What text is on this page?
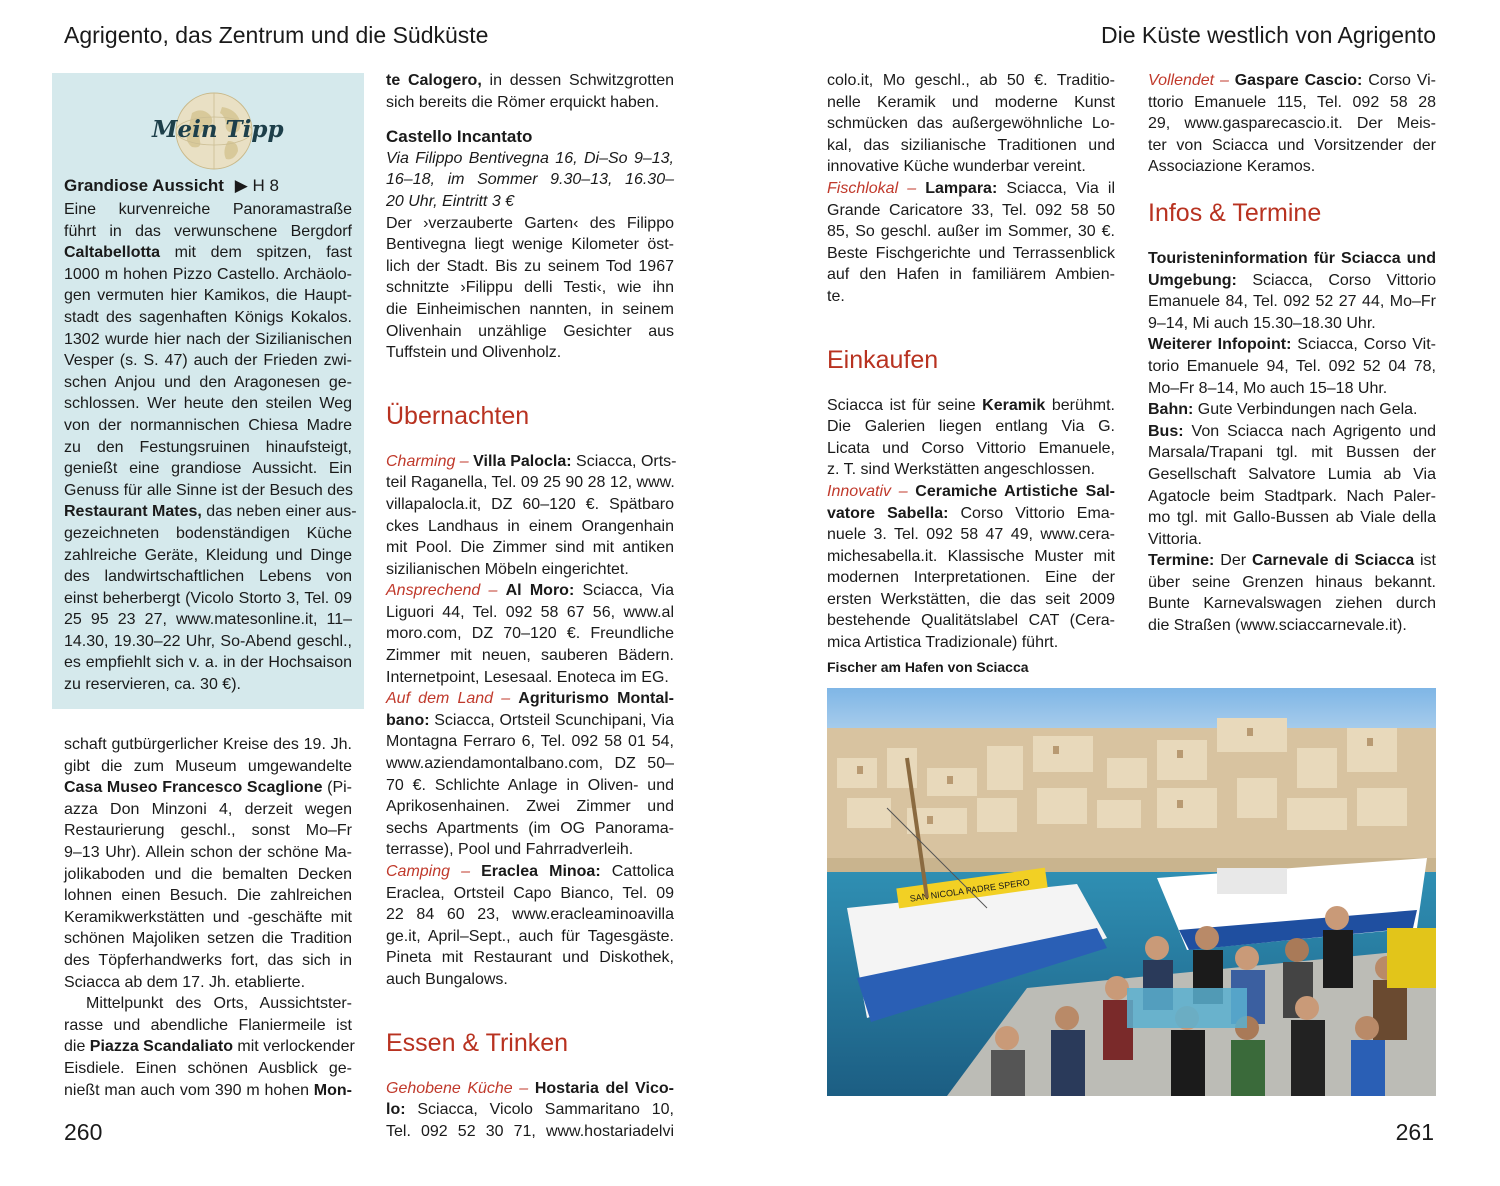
Agrigento, das Zentrum und die Südküste	Die Küste westlich von Agrigento
Mein Tipp
Grandiose Aussicht ▶ H 8
Eine kurvenreiche Panoramastraße
führt in das verwunschene Bergdorf
Caltabellotta mit dem spitzen, fast
1000 m hohen Pizzo Castello. Archäolo-
gen vermuten hier Kamikos, die Haupt-
stadt des sagenhaften Königs Kokalos.
1302 wurde hier nach der Sizilianischen
Vesper (s. S. 47) auch der Frieden zwi-
schen Anjou und den Aragonesen ge-
schlossen. Wer heute den steilen Weg
von der normannischen Chiesa Madre
zu den Festungsruinen hinaufsteigt,
genießt eine grandiose Aussicht. Ein
Genuss für alle Sinne ist der Besuch des
Restaurant Mates, das neben einer aus-
gezeichneten bodenständigen Küche
zahlreiche Geräte, Kleidung und Dinge
des landwirtschaftlichen Lebens von
einst beherbergt (Vicolo Storto 3, Tel. 09
25 95 23 27, www.matesonline.it, 11–
14.30, 19.30–22 Uhr, So-Abend geschl.,
es empfiehlt sich v. a. in der Hochsaison
zu reservieren, ca. 30 €).
schaft gutbürgerlicher Kreise des 19. Jh.
gibt die zum Museum umgewandelte
Casa Museo Francesco Scaglione (Pi-
azza Don Minzoni 4, derzeit wegen
Restaurierung geschl., sonst Mo–Fr
9–13 Uhr). Allein schon der schöne Ma-
jolikaboden und die bemalten Decken
lohnen einen Besuch. Die zahlreichen
Keramikwerkstätten und -geschäfte mit
schönen Majoliken setzen die Tradition
des Töpferhandwerks fort, das sich in
Sciacca ab dem 17. Jh. etablierte.
Mittelpunkt des Orts, Aussichtster-
rasse und abendliche Flaniermeile ist
die Piazza Scandaliato mit verlockender
Eisdiele. Einen schönen Ausblick ge-
nießt man auch vom 390 m hohen Mon-
te Calogero, in dessen Schwitzgrotten
sich bereits die Römer erquickt haben.
Castello Incantato
Via Filippo Bentivegna 16, Di–So 9–13,
16–18, im Sommer 9.30–13, 16.30–
20 Uhr, Eintritt 3 €
Der ›verzauberte Garten‹ des Filippo
Bentivegna liegt wenige Kilometer öst-
lich der Stadt. Bis zu seinem Tod 1967
schnitzte ›Filippu delli Testi‹, wie ihn
die Einheimischen nannten, in seinem
Olivenhain unzählige Gesichter aus
Tuffstein und Olivenholz.
Übernachten
Charming – Villa Palocla: Sciacca, Orts-
teil Raganella, Tel. 09 25 90 28 12, www.
villapalocla.it, DZ 60–120 €. Spätbaro
ckes Landhaus in einem Orangenhain
mit Pool. Die Zimmer sind mit antiken
sizilianischen Möbeln eingerichtet.
Ansprechend – Al Moro: Sciacca, Via
Liguori 44, Tel. 092 58 67 56, www.al
moro.com, DZ 70–120 €. Freundliche
Zimmer mit neuen, sauberen Bädern.
Internetpoint, Lesesaal. Enoteca im EG.
Auf dem Land – Agriturismo Montal-
bano: Sciacca, Ortsteil Scunchipani, Via
Montagna Ferraro 6, Tel. 092 58 01 54,
www.aziendamontalbano.com, DZ 50–
70 €. Schlichte Anlage in Oliven- und
Aprikosenhainen. Zwei Zimmer und
sechs Apartments (im OG Panorama-
terrasse), Pool und Fahrradverleih.
Camping – Eraclea Minoa: Cattolica
Eraclea, Ortsteil Capo Bianco, Tel. 09
22 84 60 23, www.eracleaminoavilla
ge.it, April–Sept., auch für Tagesgäste.
Pineta mit Restaurant und Diskothek,
auch Bungalows.
Essen & Trinken
Gehobene Küche – Hostaria del Vico-
lo: Sciacca, Vicolo Sammaritano 10,
Tel. 092 52 30 71, www.hostariadelvi
colo.it, Mo geschl., ab 50 €. Traditio-
nelle Keramik und moderne Kunst
schmücken das außergewöhnliche Lo-
kal, das sizilianische Traditionen und
innovative Küche wunderbar vereint.
Fischlokal – Lampara: Sciacca, Via il
Grande Caricatore 33, Tel. 092 58 50
85, So geschl. außer im Sommer, 30 €.
Beste Fischgerichte und Terrassenblick
auf den Hafen in familiärem Ambien-
te.
Einkaufen
Sciacca ist für seine Keramik berühmt.
Die Galerien liegen entlang Via G.
Licata und Corso Vittorio Emanuele,
z. T. sind Werkstätten angeschlossen.
Innovativ – Ceramiche Artistiche Sal-
vatore Sabella: Corso Vittorio Ema-
nuele 3. Tel. 092 58 47 49, www.cera-
michesabella.it. Klassische Muster mit
modernen Interpretationen. Eine der
ersten Werkstätten, die das seit 2009
bestehende Qualitätslabel CAT (Cera-
mica Artistica Tradizionale) führt.
Vollendet – Gaspare Cascio: Corso Vi-
ttorio Emanuele 115, Tel. 092 58 28
29, www.gasparecascio.it. Der Meis-
ter von Sciacca und Vorsitzender der
Associazione Keramos.
Infos & Termine
Touristeninformation für Sciacca und
Umgebung: Sciacca, Corso Vittorio
Emanuele 84, Tel. 092 52 27 44, Mo–Fr
9–14, Mi auch 15.30–18.30 Uhr.
Weiterer Infopoint: Sciacca, Corso Vit-
torio Emanuele 94, Tel. 092 52 04 78,
Mo–Fr 8–14, Mo auch 15–18 Uhr.
Bahn: Gute Verbindungen nach Gela.
Bus: Von Sciacca nach Agrigento und
Marsala/Trapani tgl. mit Bussen der
Gesellschaft Salvatore Lumia ab Via
Agatocle beim Stadtpark. Nach Paler-
mo tgl. mit Gallo-Bussen ab Viale della
Vittoria.
Termine: Der Carnevale di Sciacca ist
über seine Grenzen hinaus bekannt.
Bunte Karnevalswagen ziehen durch
die Straßen (www.sciaccarnevale.it).
Fischer am Hafen von Sciacca
SAN NICOLA PADRE SPERO
260	261
